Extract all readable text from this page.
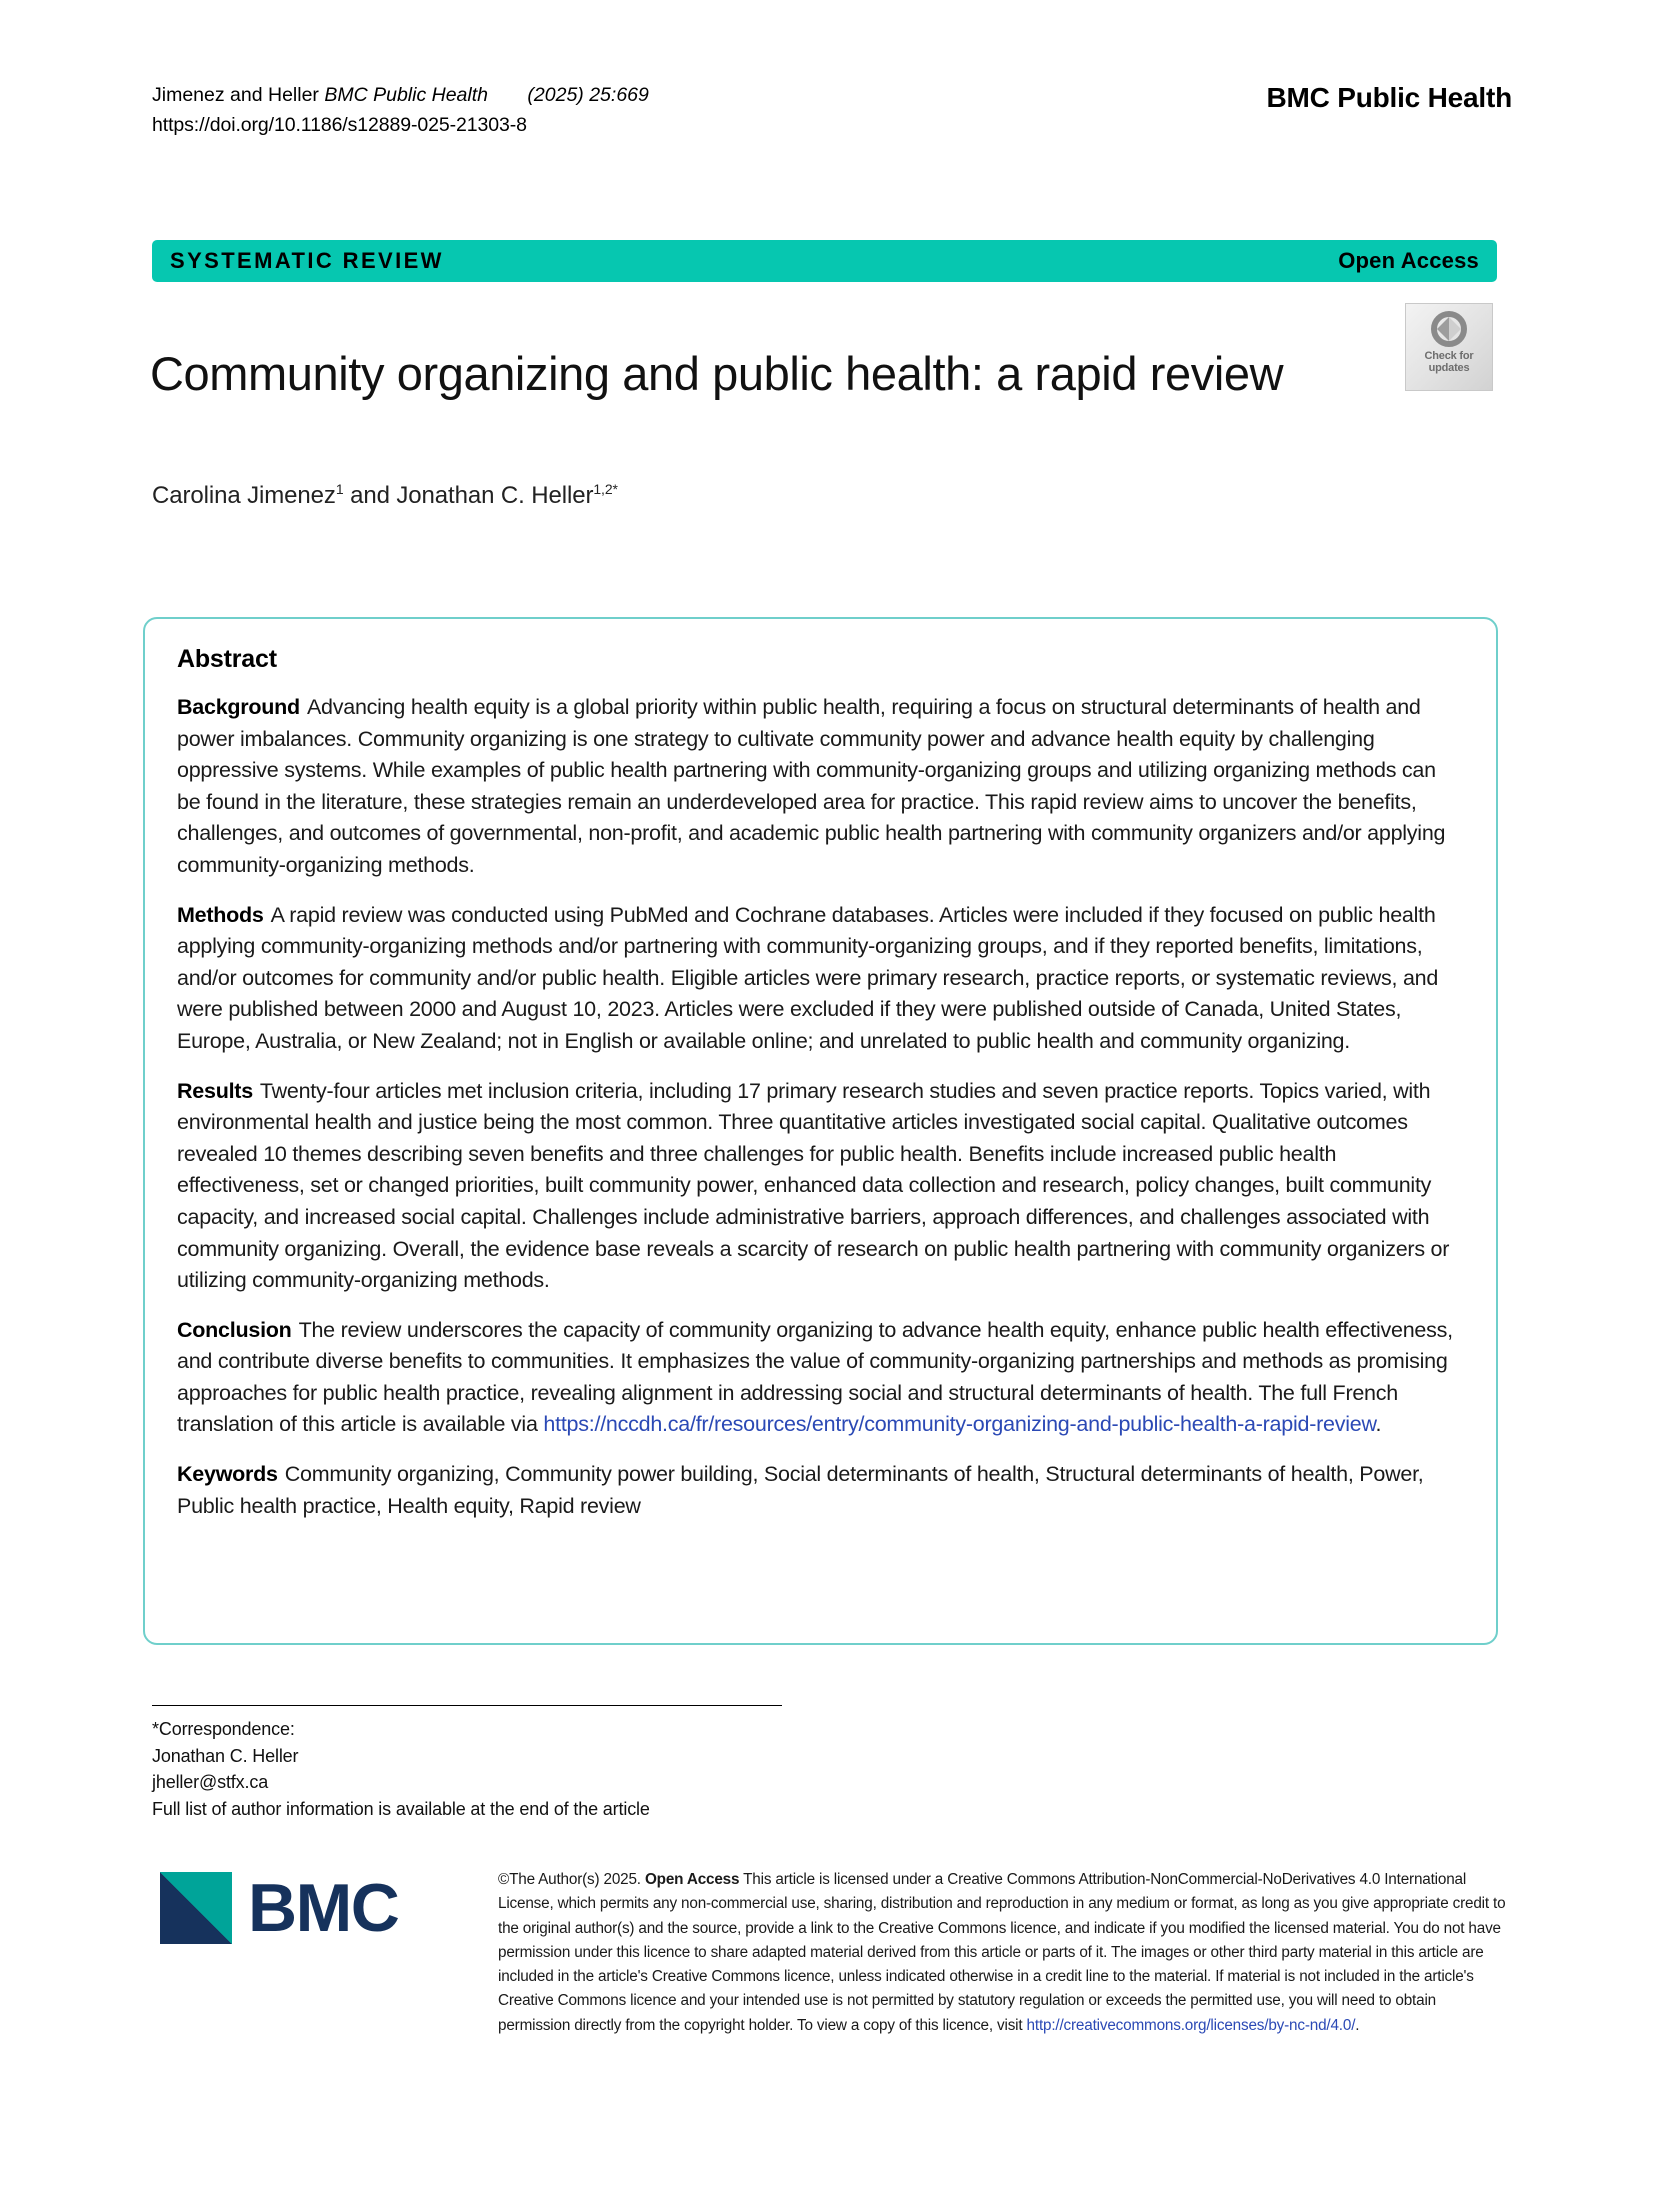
Jimenez and Heller BMC Public Health (2025) 25:669
https://doi.org/10.1186/s12889-025-21303-8
BMC Public Health
SYSTEMATIC REVIEW	Open Access
Check for
updates
Community organizing and public health: a rapid review
Carolina Jimenez$^1$ and Jonathan C. Heller$^{1,2*}$
Abstract

Background Advancing health equity is a global priority within public health, requiring a focus on structural determinants of health and power imbalances. Community organizing is one strategy to cultivate community power and advance health equity by challenging oppressive systems. While examples of public health partnering with community-organizing groups and utilizing organizing methods can be found in the literature, these strategies remain an underdeveloped area for practice. This rapid review aims to uncover the benefits, challenges, and outcomes of governmental, non-profit, and academic public health partnering with community organizers and/or applying community-organizing methods.

Methods A rapid review was conducted using PubMed and Cochrane databases. Articles were included if they focused on public health applying community-organizing methods and/or partnering with community-organizing groups, and if they reported benefits, limitations, and/or outcomes for community and/or public health. Eligible articles were primary research, practice reports, or systematic reviews, and were published between 2000 and August 10, 2023. Articles were excluded if they were published outside of Canada, United States, Europe, Australia, or New Zealand; not in English or available online; and unrelated to public health and community organizing.

Results Twenty-four articles met inclusion criteria, including 17 primary research studies and seven practice reports. Topics varied, with environmental health and justice being the most common. Three quantitative articles investigated social capital. Qualitative outcomes revealed 10 themes describing seven benefits and three challenges for public health. Benefits include increased public health effectiveness, set or changed priorities, built community power, enhanced data collection and research, policy changes, built community capacity, and increased social capital. Challenges include administrative barriers, approach differences, and challenges associated with community organizing. Overall, the evidence base reveals a scarcity of research on public health partnering with community organizers or utilizing community-organizing methods.

Conclusion The review underscores the capacity of community organizing to advance health equity, enhance public health effectiveness, and contribute diverse benefits to communities. It emphasizes the value of community-organizing partnerships and methods as promising approaches for public health practice, revealing alignment in addressing social and structural determinants of health. The full French translation of this article is available via https://nccdh.ca/fr/resources/entry/community-organizing-and-public-health-a-rapid-review.

Keywords Community organizing, Community power building, Social determinants of health, Structural determinants of health, Power, Public health practice, Health equity, Rapid review

*Correspondence:
Jonathan C. Heller
jheller@stfx.ca
Full list of author information is available at the end of the article
BMC	©The Author(s) 2025. Open Access This article is licensed under a Creative Commons Attribution-NonCommercial-NoDerivatives 4.0 International License, which permits any non-commercial use, sharing, distribution and reproduction in any medium or format, as long as you give appropriate credit to the original author(s) and the source, provide a link to the Creative Commons licence, and indicate if you modified the licensed material. You do not have permission under this licence to share adapted material derived from this article or parts of it. The images or other third party material in this article are included in the article's Creative Commons licence, unless indicated otherwise in a credit line to the material. If material is not included in the article's Creative Commons licence and your intended use is not permitted by statutory regulation or exceeds the permitted use, you will need to obtain permission directly from the copyright holder. To view a copy of this licence, visit http://creativecommons.org/licenses/by-nc-nd/4.0/.
